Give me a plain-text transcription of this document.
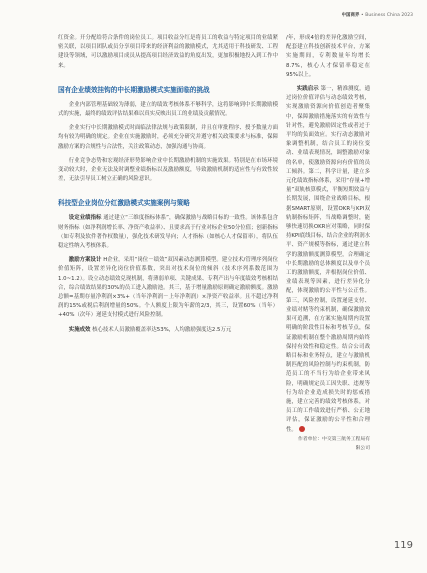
中国商界 • Business China 2023

红资金。开分配给符合条件的岗位员工。项目收益分红是将员工的收益与特定项目的业绩紧密关联，以项目团队或员分享项目带来的经济利益的激励模式，尤其适用于科技研发、工程建设等领域，可以激励项目成员从提高项目经济效益的角度出发，更加积极地投入到工作中来。

国有企业绩效挂钩的中长期激励模式实施面临的挑战

企业内部管理基础较为薄弱，建立的绩效考核体系不够科学，这将影响到中长期激励模式的实施，最终的绩效评估结果难以真实反映出员工的业绩及贡献情况。

企业实行中长期激励模式时面临法律法规与政策限制，并且在审批程序、授予数量方面均有较为明确的规定。企业在实施激励时，必须充分研究并遵守相关政策要求与标准，保障激励方案的合规性与合法性，关注政策动态，加强沟通与协商。

行业竞争态势和宏观经济形势影响企业中长期激励机制的实施效果。特别是在市场环境变动较大时，企业无法及时调整业绩指标以及激励额度，导致激励机制的适应性与有效性较差，无法引导员工树立正确的风险意识。

科技型企业岗位分红激励模式实施案例与策略

设定业绩指标 通过建立“三维度指标体系”，确保激励与战略目标的一致性。该体系包含财务指标（如净利润增长率、净资产收益率）、且要求高于行业对标企业50分位值；创新指标（如专利及软件著作权数量），强化技术研发导向；人才指标（如核心人才保留率），将队伍稳定性纳入考核体系。

激励方案设计 H企业，采用“岗位－绩效”双因素动态测算模型。建立技术/管理序列岗位价值矩阵，设置差异化岗位价值系数，突出对技术岗位的倾斜（技术序列系数范围为1.0~1.2）。设立动态绩效兑现机制，将薄弱单项、关键成果、专利产出与年度绩效考核相结合，综合绩效结果的30%的员工进入激励池。其三，基于增量激励原则确定激励额度。激励总额=基期存量净利润×3%+（当年净利润－上年净利润）×净资产收益率。且不超过净利润的15%或税后利润增量的50%。个人额度上限为年薪的2/3，其三，设置60%（当年）+40%（次年）递延支付模式进行风险控制。

实施成效 核心技术人员激励覆盖率达53%，人均激励强度达2.5万元

/年，形成4倍的差异化激励空间，配套建立科技创新技术平台，方案实施期间，专利数量年均增长8.7%，核心人才保留率稳定在95%以上。

实践启示 第一，精准测度，通过岗位价值评估与动态绩效考核，实现激励资源向价值创造者聚集中，保障激励措施落实的有效性与针对性，避免激励固定性或者过于平均的负面效应。实行动态激励对象调整机制，结合员工的岗位变动、业绩表现情况，调整激励对象的名单，使激励资源向有价值的员工倾斜。第二，科学计量，建立多元化绩效指标体系，采用“存量+增量”双轨核算模式，平衡短期效益与长期发展，围绕企业战略目标，根据SMART原则，设置OKR与KPI双轨制指标矩阵，当战略调整时，能够快速切换OKR应对策略，同时保持KPI底线目标，结合企业的利润水平、资产规模等指标，通过建立科学的激励额度测算模型，合理确定中长期激励的总体额度以及单个员工的激励额度，并根据岗位价值、业绩表现等因素，进行差异化分配，体现激励的公平性与公正性。第三，风险控制，设置递延支付、业绩对赌等约束机制，确保激励效果可追溯，在方案实施周期内设置明确的阶段性目标和考核节点，保证激励机制在整个激励周期内始终保持有效性和稳定性。结合公司战略目标和业务特点，建立与激励机制匹配的风险控制与约束机制，防范员工的不当行为给企业带来风险，明确规定员工因失职、违规等行为给企业造成损失时的惩戒措施，建立完善的绩效考核体系，对员工的工作绩效进行严格、公正地评估，保证激励的公平性和合理性。

作者单位：中交第三航务工程局有限公司

119
